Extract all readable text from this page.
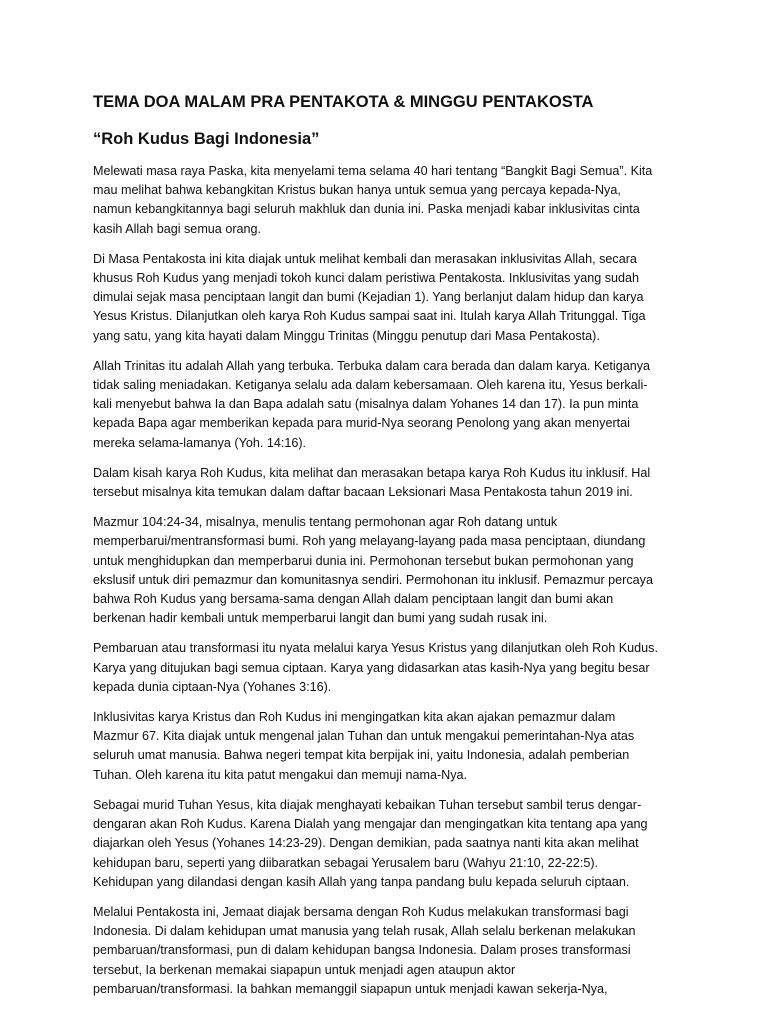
TEMA DOA MALAM PRA PENTAKOTA & MINGGU PENTAKOSTA
“Roh Kudus Bagi Indonesia”

Melewati masa raya Paska, kita menyelami tema selama 40 hari tentang “Bangkit Bagi Semua”. Kita
mau melihat bahwa kebangkitan Kristus bukan hanya untuk semua yang percaya kepada-Nya,
namun kebangkitannya bagi seluruh makhluk dan dunia ini. Paska menjadi kabar inklusivitas cinta
kasih Allah bagi semua orang.

Di Masa Pentakosta ini kita diajak untuk melihat kembali dan merasakan inklusivitas Allah, secara
khusus Roh Kudus yang menjadi tokoh kunci dalam peristiwa Pentakosta. Inklusivitas yang sudah
dimulai sejak masa penciptaan langit dan bumi (Kejadian 1). Yang berlanjut dalam hidup dan karya
Yesus Kristus. Dilanjutkan oleh karya Roh Kudus sampai saat ini. Itulah karya Allah Tritunggal. Tiga
yang satu, yang kita hayati dalam Minggu Trinitas (Minggu penutup dari Masa Pentakosta).

Allah Trinitas itu adalah Allah yang terbuka. Terbuka dalam cara berada dan dalam karya. Ketiganya
tidak saling meniadakan. Ketiganya selalu ada dalam kebersamaan. Oleh karena itu, Yesus berkali-
kali menyebut bahwa Ia dan Bapa adalah satu (misalnya dalam Yohanes 14 dan 17). Ia pun minta
kepada Bapa agar memberikan kepada para murid-Nya seorang Penolong yang akan menyertai
mereka selama-lamanya (Yoh. 14:16).

Dalam kisah karya Roh Kudus, kita melihat dan merasakan betapa karya Roh Kudus itu inklusif. Hal
tersebut misalnya kita temukan dalam daftar bacaan Leksionari Masa Pentakosta tahun 2019 ini.

Mazmur 104:24-34, misalnya, menulis tentang permohonan agar Roh datang untuk
memperbarui/mentransformasi bumi. Roh yang melayang-layang pada masa penciptaan, diundang
untuk menghidupkan dan memperbarui dunia ini. Permohonan tersebut bukan permohonan yang
ekslusif untuk diri pemazmur dan komunitasnya sendiri. Permohonan itu inklusif. Pemazmur percaya
bahwa Roh Kudus yang bersama-sama dengan Allah dalam penciptaan langit dan bumi akan
berkenan hadir kembali untuk memperbarui langit dan bumi yang sudah rusak ini.

Pembaruan atau transformasi itu nyata melalui karya Yesus Kristus yang dilanjutkan oleh Roh Kudus.
Karya yang ditujukan bagi semua ciptaan. Karya yang didasarkan atas kasih-Nya yang begitu besar
kepada dunia ciptaan-Nya (Yohanes 3:16).

Inklusivitas karya Kristus dan Roh Kudus ini mengingatkan kita akan ajakan pemazmur dalam
Mazmur 67. Kita diajak untuk mengenal jalan Tuhan dan untuk mengakui pemerintahan-Nya atas
seluruh umat manusia. Bahwa negeri tempat kita berpijak ini, yaitu Indonesia, adalah pemberian
Tuhan. Oleh karena itu kita patut mengakui dan memuji nama-Nya.

Sebagai murid Tuhan Yesus, kita diajak menghayati kebaikan Tuhan tersebut sambil terus dengar-
dengaran akan Roh Kudus. Karena Dialah yang mengajar dan mengingatkan kita tentang apa yang
diajarkan oleh Yesus (Yohanes 14:23-29). Dengan demikian, pada saatnya nanti kita akan melihat
kehidupan baru, seperti yang diibaratkan sebagai Yerusalem baru (Wahyu 21:10, 22-22:5).
Kehidupan yang dilandasi dengan kasih Allah yang tanpa pandang bulu kepada seluruh ciptaan.

Melalui Pentakosta ini, Jemaat diajak bersama dengan Roh Kudus melakukan transformasi bagi
Indonesia. Di dalam kehidupan umat manusia yang telah rusak, Allah selalu berkenan melakukan
pembaruan/transformasi, pun di dalam kehidupan bangsa Indonesia. Dalam proses transformasi
tersebut, Ia berkenan memakai siapapun untuk menjadi agen ataupun aktor
pembaruan/transformasi. Ia bahkan memanggil siapapun untuk menjadi kawan sekerja-Nya,
